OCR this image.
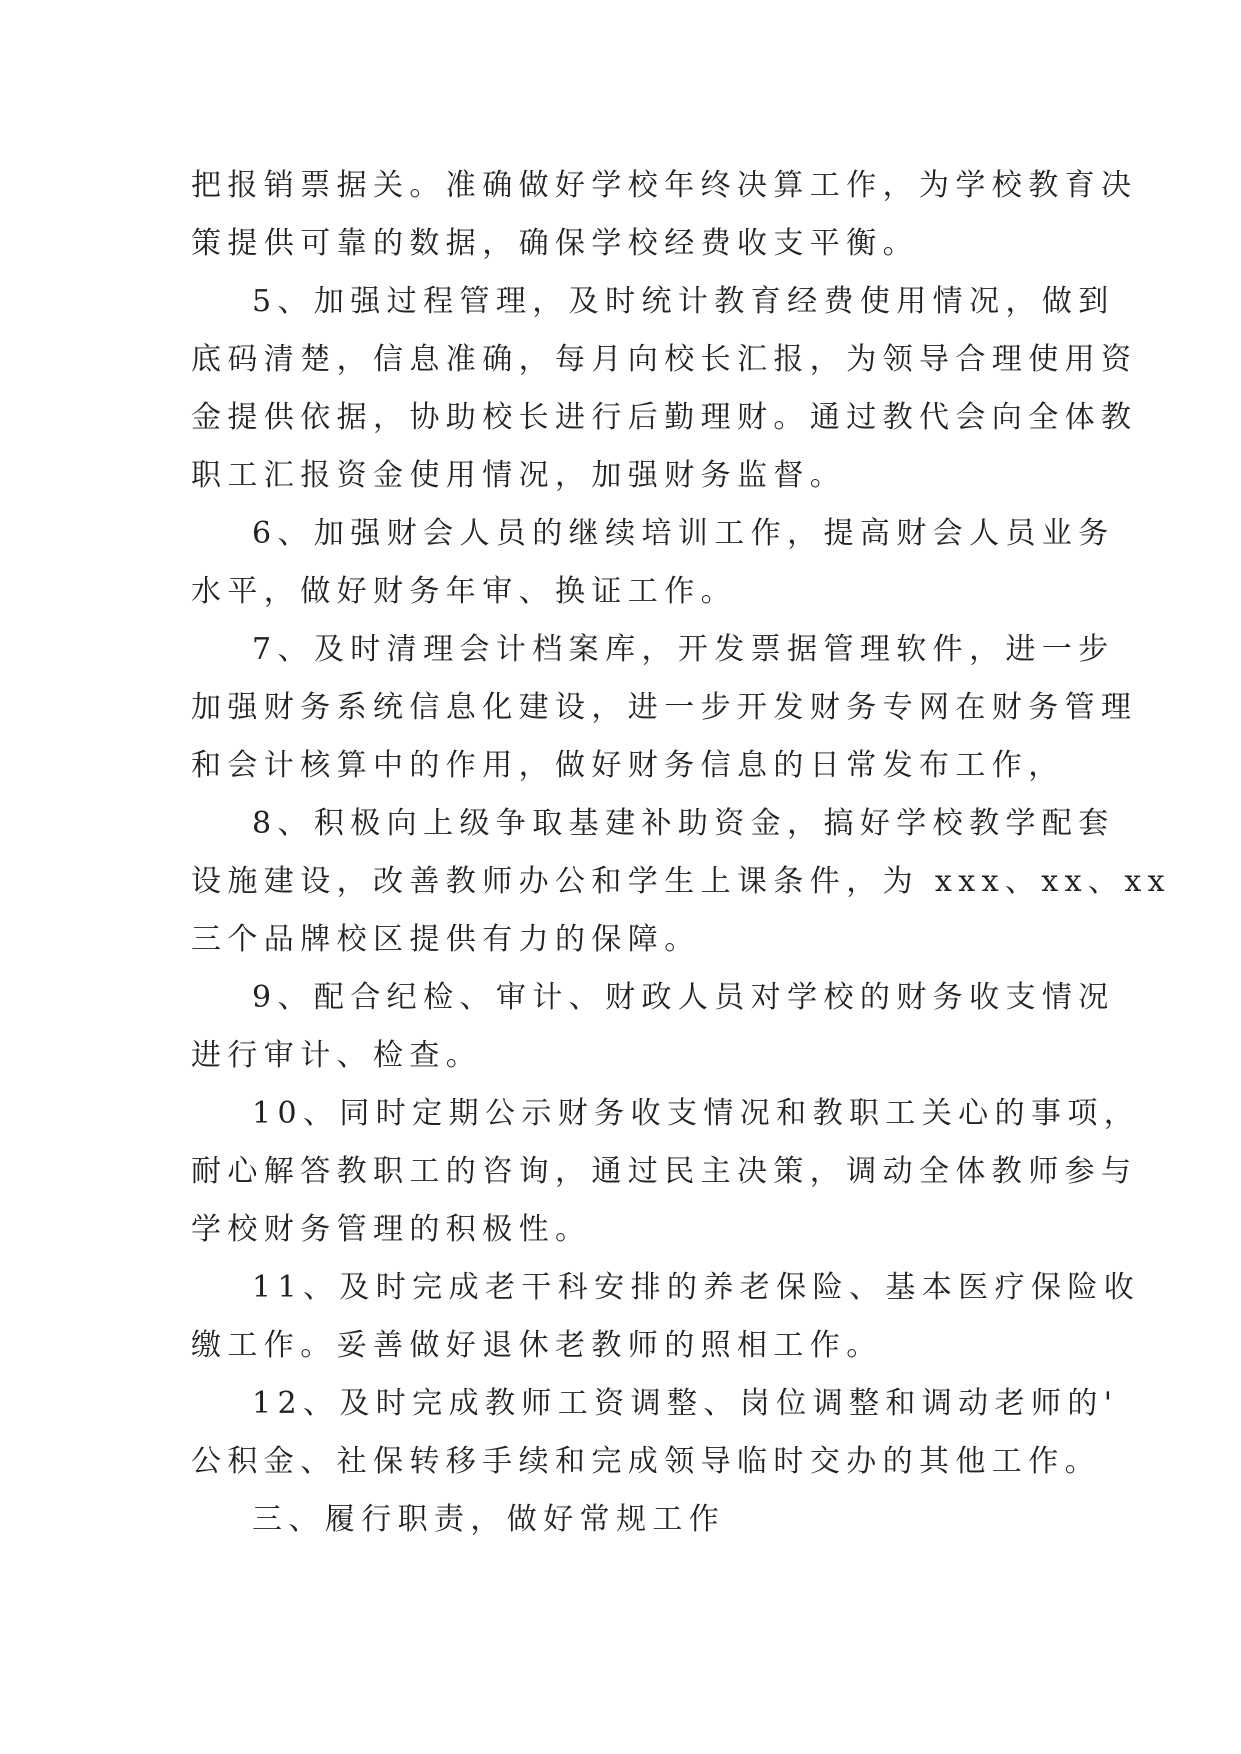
把报销票据关。准确做好学校年终决算工作，为学校教育决
策提供可靠的数据，确保学校经费收支平衡。
5、加强过程管理，及时统计教育经费使用情况，做到
底码清楚，信息准确，每月向校长汇报，为领导合理使用资
金提供依据，协助校长进行后勤理财。通过教代会向全体教
职工汇报资金使用情况，加强财务监督。
6、加强财会人员的继续培训工作，提高财会人员业务
水平，做好财务年审、换证工作。
7、及时清理会计档案库，开发票据管理软件，进一步
加强财务系统信息化建设，进一步开发财务专网在财务管理
和会计核算中的作用，做好财务信息的日常发布工作，
8、积极向上级争取基建补助资金，搞好学校教学配套
设施建设，改善教师办公和学生上课条件，为 xxx、xx、xx
三个品牌校区提供有力的保障。
9、配合纪检、审计、财政人员对学校的财务收支情况
进行审计、检查。
10、同时定期公示财务收支情况和教职工关心的事项，
耐心解答教职工的咨询，通过民主决策，调动全体教师参与
学校财务管理的积极性。
11、及时完成老干科安排的养老保险、基本医疗保险收
缴工作。妥善做好退休老教师的照相工作。
12、及时完成教师工资调整、岗位调整和调动老师的'
公积金、社保转移手续和完成领导临时交办的其他工作。
三、履行职责，做好常规工作
